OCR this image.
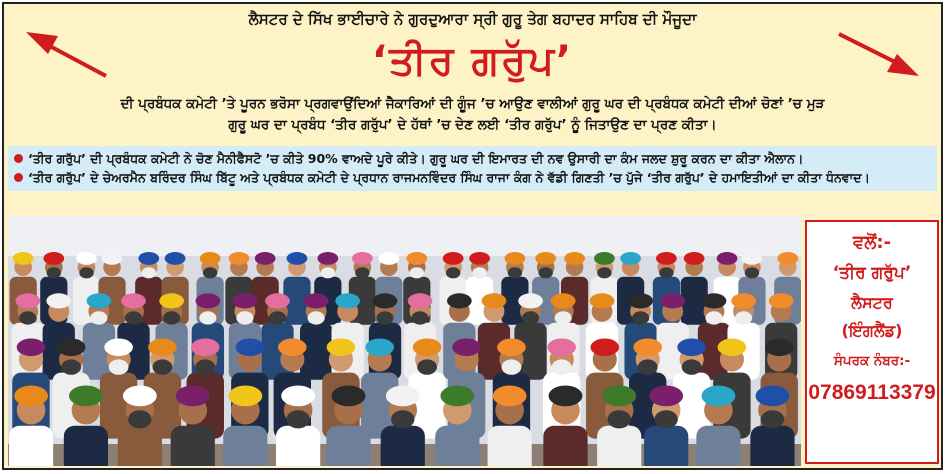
ਲੈਸਟਰ ਦੇ ਸਿੱਖ ਭਾਈਚਾਰੇ ਨੇ ਗੁਰਦੁਆਰਾ ਸ੍ਰੀ ਗੁਰੂ ਤੇਗ ਬਹਾਦਰ ਸਾਹਿਬ ਦੀ ਮੌਜੂਦਾ
‘ਤੀਰ ਗਰੁੱਪ’
ਦੀ ਪ੍ਰਬੰਧਕ ਕਮੇਟੀ ’ਤੇ ਪੂਰਨ ਭਰੋਸਾ ਪ੍ਰਗਵਾਉਂਦਿਆਂ ਜੈਕਾਰਿਆਂ ਦੀ ਗੂੰਜ ’ਚ ਆਉਣ ਵਾਲੀਆਂ ਗੁਰੂ ਘਰ ਦੀ ਪ੍ਰਬੰਧਕ ਕਮੇਟੀ ਦੀਆਂ ਚੋਣਾਂ ’ਚ ਮੁੜ
ਗੁਰੂ ਘਰ ਦਾ ਪ੍ਰਬੰਧ ‘ਤੀਰ ਗਰੁੱਪ’ ਦੇ ਹੱਥਾਂ ’ਚ ਦੇਣ ਲਈ ‘ਤੀਰ ਗਰੁੱਪ’ ਨੂੰ ਜਿਤਾਉਣ ਦਾ ਪ੍ਰਣ ਕੀਤਾ।
‘ਤੀਰ ਗਰੁੱਪ’ ਦੀ ਪ੍ਰਬੰਧਕ ਕਮੇਟੀ ਨੇ ਚੋਣ ਮੈਨੀਫੈਸਟੋ ’ਚ ਕੀਤੇ 90% ਵਾਅਦੇ ਪੂਰੇ ਕੀਤੇ। ਗੁਰੂ ਘਰ ਦੀ ਇਮਾਰਤ ਦੀ ਨਵ ਉਸਾਰੀ ਦਾ ਕੰਮ ਜਲਦ ਸ਼ੁਰੂ ਕਰਨ ਦਾ ਕੀਤਾ ਐਲਾਨ।
‘ਤੀਰ ਗਰੁੱਪ’ ਦੇ ਚੇਅਰਮੈਨ ਬਰਿੰਦਰ ਸਿੰਘ ਬਿੱਟੂ ਅਤੇ ਪ੍ਰਬੰਧਕ ਕਮੇਟੀ ਦੇ ਪ੍ਰਧਾਨ ਰਾਜਮਨਵਿੰਦਰ ਸਿੰਘ ਰਾਜਾ ਕੰਗ ਨੇ ਵੱਡੀ ਗਿਣਤੀ ’ਚ ਪੁੱਜੇ ‘ਤੀਰ ਗਰੁੱਪ’ ਦੇ ਹਮਾਇਤੀਆਂ ਦਾ ਕੀਤਾ ਧੰਨਵਾਦ।
ਵਲੋਂ:-
‘ਤੀਰ ਗਰੁੱਪ’
ਲੈਸਟਰ
(ਇੰਗਲੈਂਡ)
ਸੰਪਰਕ ਨੰਬਰ:-
07869113379
